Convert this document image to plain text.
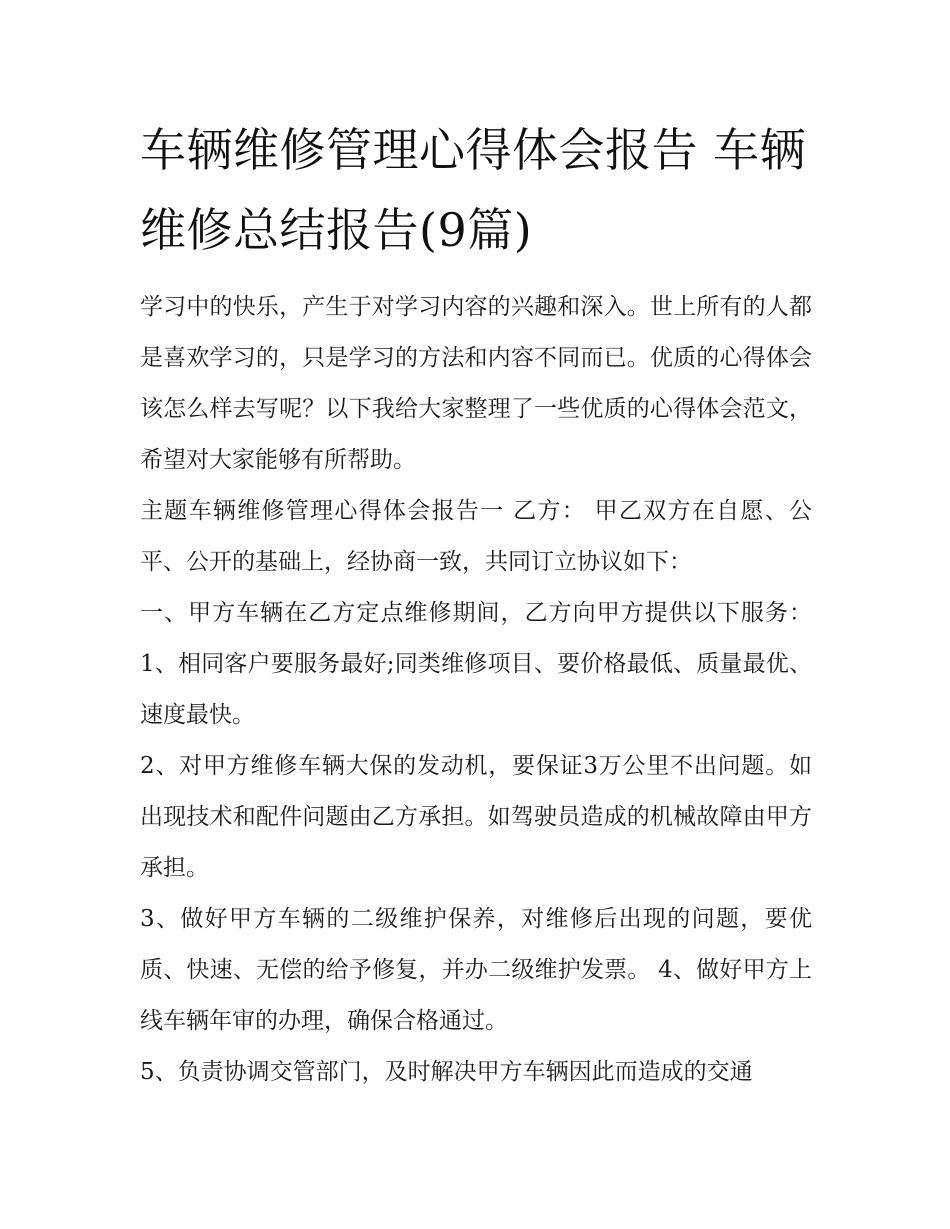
车辆维修管理心得体会报告 车辆维修总结报告(9篇)

学习中的快乐，产生于对学习内容的兴趣和深入。世上所有的人都是喜欢学习的，只是学习的方法和内容不同而已。优质的心得体会该怎么样去写呢？以下我给大家整理了一些优质的心得体会范文，希望对大家能够有所帮助。

主题车辆维修管理心得体会报告一 乙方： 甲乙双方在自愿、公平、公开的基础上，经协商一致，共同订立协议如下：

一、甲方车辆在乙方定点维修期间，乙方向甲方提供以下服务： 1、相同客户要服务最好;同类维修项目、要价格最低、质量最优、速度最快。

2、对甲方维修车辆大保的发动机，要保证3万公里不出问题。如出现技术和配件问题由乙方承担。如驾驶员造成的机械故障由甲方承担。

3、做好甲方车辆的二级维护保养，对维修后出现的问题，要优质、快速、无偿的给予修复，并办二级维护发票。 4、做好甲方上线车辆年审的办理，确保合格通过。

5、负责协调交管部门，及时解决甲方车辆因此而造成的交通
